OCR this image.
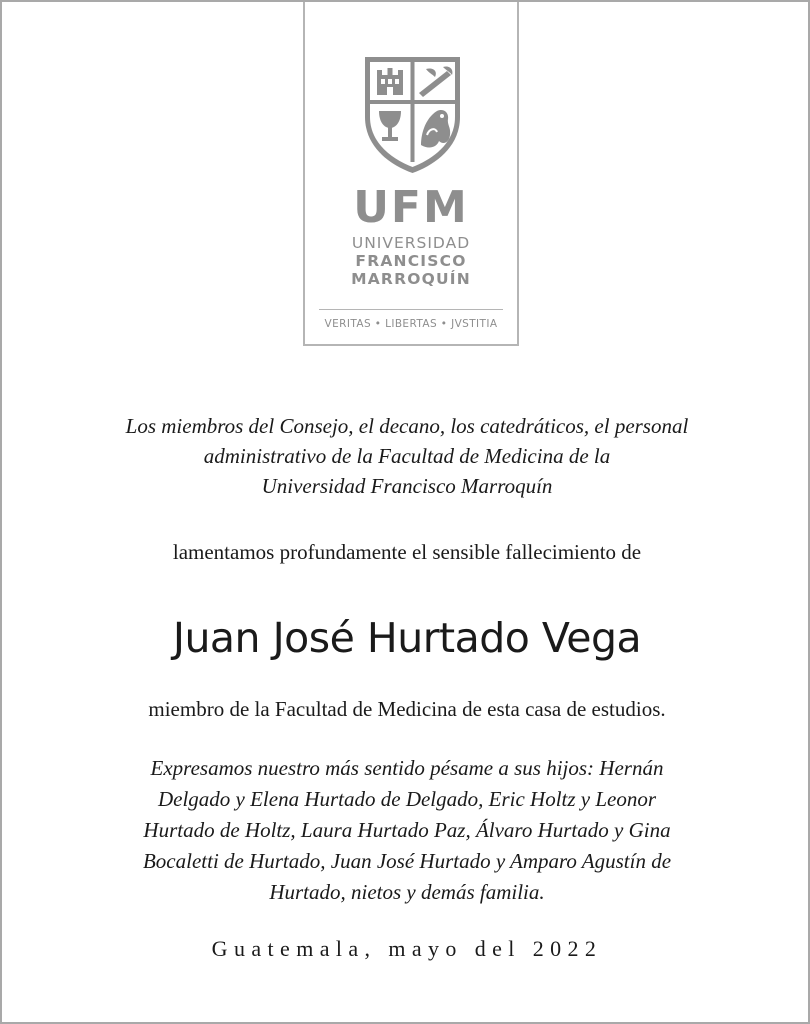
UFM
UNIVERSIDAD
FRANCISCO
MARROQUÍN
VERITAS • LIBERTAS • JVSTITIA
Los miembros del Consejo, el decano, los catedráticos, el personal
administrativo de la Facultad de Medicina de la
Universidad Francisco Marroquín
lamentamos profundamente el sensible fallecimiento de
Juan José Hurtado Vega
miembro de la Facultad de Medicina de esta casa de estudios.
Expresamos nuestro más sentido pésame a sus hijos: Hernán
Delgado y Elena Hurtado de Delgado, Eric Holtz y Leonor
Hurtado de Holtz, Laura Hurtado Paz, Álvaro Hurtado y Gina
Bocaletti de Hurtado, Juan José Hurtado y Amparo Agustín de
Hurtado, nietos y demás familia.
Guatemala, mayo del 2022
